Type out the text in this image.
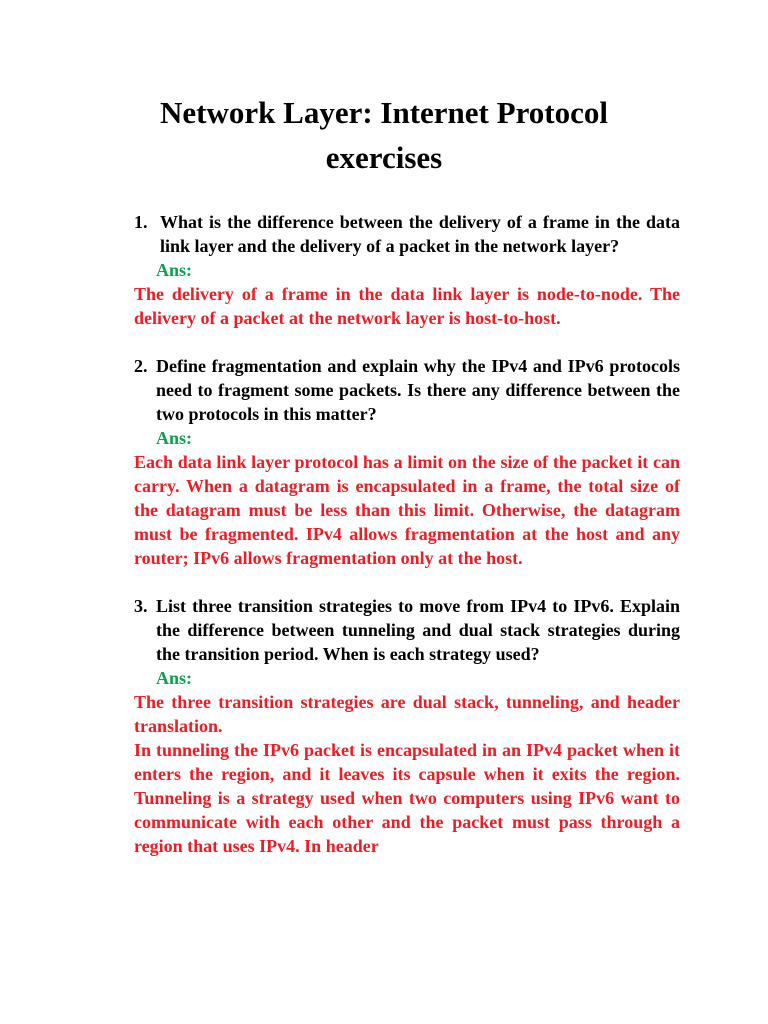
Network Layer: Internet Protocol
exercises
1. What is the difference between the delivery of a frame in the data link layer and the delivery of a packet in the network layer?
Ans:
The delivery of a frame in the data link layer is node-to-node. The delivery of a packet at the network layer is host-to-host.
2. Define fragmentation and explain why the IPv4 and IPv6 protocols need to fragment some packets. Is there any difference between the two protocols in this matter?
Ans:
Each data link layer protocol has a limit on the size of the packet it can carry. When a datagram is encapsulated in a frame, the total size of the datagram must be less than this limit. Otherwise, the datagram must be fragmented. IPv4 allows fragmentation at the host and any router; IPv6 allows fragmentation only at the host.
3. List three transition strategies to move from IPv4 to IPv6. Explain the difference between tunneling and dual stack strategies during the transition period. When is each strategy used?
Ans:
The three transition strategies are dual stack, tunneling, and header translation.
In tunneling the IPv6 packet is encapsulated in an IPv4 packet when it enters the region, and it leaves its capsule when it exits the region. Tunneling is a strategy used when two computers using IPv6 want to communicate with each other and the packet must pass through a region that uses IPv4. In header
